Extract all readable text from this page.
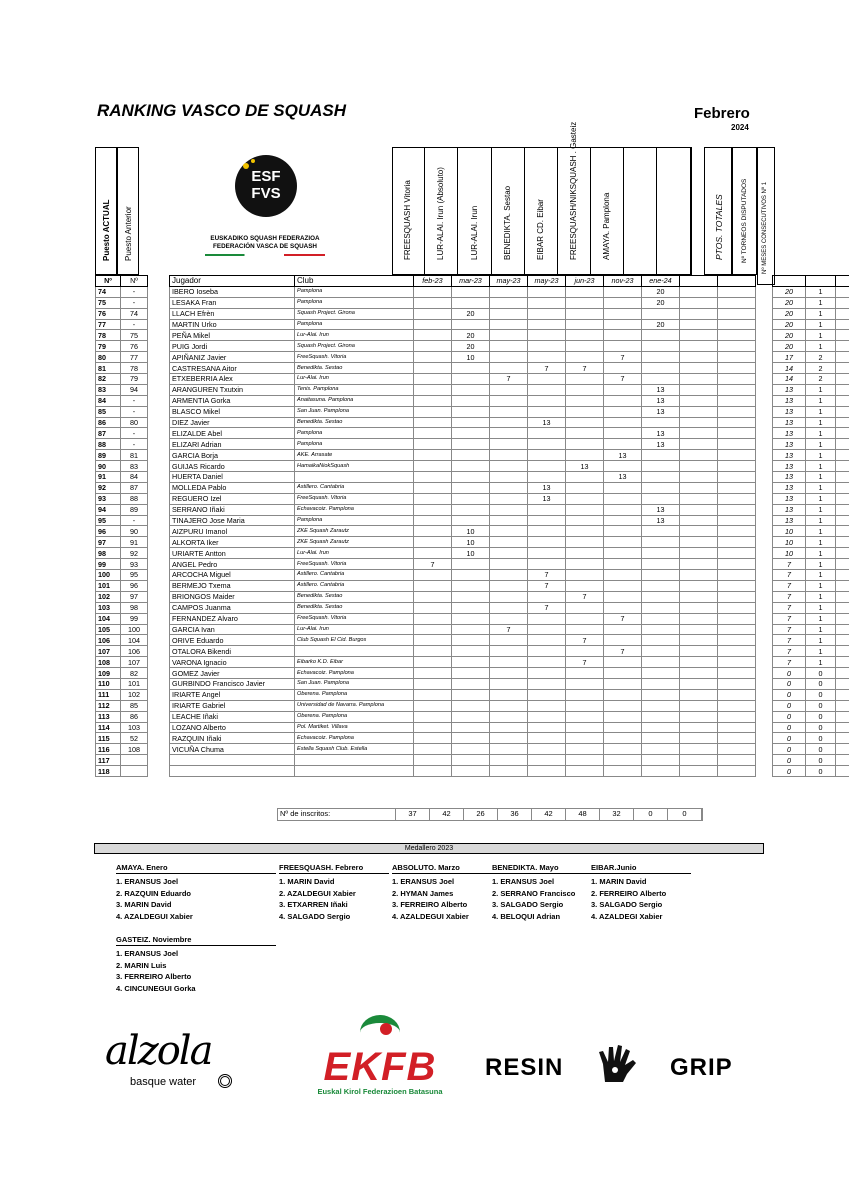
RANKING VASCO DE SQUASH	Febrero
2024
Puesto ACTUAL Puesto Anterior
ESF
FVS
EUSKADIKO SQUASH FEDERAZIOA
FEDERACIÓN VASCA DE SQUASH	FREESQUASH Vitoria	LUR-ALAI. Irun (Absoluto)	LUR-ALAI. Irun	BENEDIKTA. Sestao	EIBAR CD. Eibar	FREESQUASH/NIKSQUASH . Gasteiz	AMAYA. Pamplona	PTOS. TOTALES	Nº TORNEOS DISPUTADOS Nº MESES CONSECUTIVOS Nº 1
Nº	Nº		Jugador	Club	feb-23	mar-23	may-23	may-23	jun-23	nov-23	ene-24						
74	-		IBERO Ioseba	Pamplona							20				20	1	
75	-		LESAKA Fran	Pamplona							20				20	1	
76	74		LLACH Efrèn	Squash Project. Girona		20									20	1	
77	-		MARTIN Urko	Pamplona							20				20	1	
78	75		PEÑA Mikel	Lur-Alai. Irun		20									20	1	
79	76		PUIG Jordi	Squash Project. Girona		20									20	1	
80	77		APIÑANIZ Javier	FreeSquash. Vitoria		10				7					17	2	
81	78		CASTRESANA Aitor	Benedikta. Sestao				7	7						14	2	
82	79		ETXEBERRIA Alex	Lur-Alai. Irun			7			7					14	2	
83	94		ARANGUREN Txutxin	Tenis. Pamplona							13				13	1	
84	-		ARMENTIA Gorka	Anaitasuna. Pamplona							13				13	1	
85	-		BLASCO Mikel	San Juan. Pamplona							13				13	1	
86	80		DIEZ Javier	Benedikta. Sestao				13							13	1	
87	-		ELIZALDE Abel	Pamplona							13				13	1	
88	-		ELIZARI Adrian	Pamplona							13				13	1	
89	81		GARCIA Borja	AKE. Arrasate						13					13	1	
90	83		GUIJAS Ricardo	HamaikaNiokSquash					13						13	1	
91	84		HUERTA Daniel							13					13	1	
92	87		MOLLEDA Pablo	Astillero. Cantabria				13							13	1	
93	88		REGUERO Izel	FreeSquash. Vitoria				13							13	1	
94	89		SERRANO Iñaki	Echavacoiz. Pamplona							13				13	1	
95	-		TINAJERO Jose Maria	Pamplona							13				13	1	
96	90		AIZPURU Imanol	ZKE Squash Zarautz		10									10	1	
97	91		ALKORTA Iker	ZKE Squash Zarautz		10									10	1	
98	92		URIARTE Antton	Lur-Alai. Irun		10									10	1	
99	93		ANGEL Pedro	FreeSquash. Vitoria	7										7	1	
100	95		ARCOCHA Miguel	Astillero. Cantabria				7							7	1	
101	96		BERMEJO Txema	Astillero. Cantabria				7							7	1	
102	97		BRIONGOS Maider	Benedikta. Sestao					7						7	1	
103	98		CAMPOS Juanma	Benedikta. Sestao				7							7	1	
104	99		FERNANDEZ Alvaro	FreeSquash. Vitoria						7					7	1	
105	100		GARCIA Ivan	Lur-Alai. Irun			7								7	1	
106	104		ORIVE Eduardo	Club Squash El Cid. Burgos					7						7	1	
107	106		OTALORA Bikendi							7					7	1	
108	107		VARONA Ignacio	Eibarko K.D. Eibar					7						7	1	
109	82		GOMEZ Javier	Echavacoiz. Pamplona											0	0	
110	101		GURBINDO Francisco Javier	San Juan. Pamplona											0	0	
111	102		IRIARTE Angel	Oberena. Pamplona											0	0	
112	85		IRIARTE Gabriel	Universidad de Navarra. Pamplona											0	0	
113	86		LEACHE Iñaki	Oberena. Pamplona											0	0	
114	103		LOZANO Alberto	Pol. Martiket. Villava											0	0	
115	52		RAZQUIN Iñaki	Echavacoiz. Pamplona											0	0	
116	108		VICUÑA Chuma	Estella Squash Club. Estella											0	0	
117															0	0	
118															0	0	
Nº de inscritos:	37	42	26	36	42	48	32	0	0
Medallero 2023
AMAYA. Enero
1. ERANSUS Joel
2. RAZQUIN Eduardo
3. MARIN David
4. AZALDEGUI Xabier
FREESQUASH. Febrero
1. MARIN David
2. AZALDEGUI Xabier
3. ETXARREN Iñaki
4. SALGADO Sergio
ABSOLUTO. Marzo
1. ERANSUS Joel
2. HYMAN James
3. FERREIRO Alberto
4. AZALDEGUI Xabier
BENEDIKTA. Mayo
1. ERANSUS Joel
2. SERRANO Francisco
3. SALGADO Sergio
4. BELOQUI Adrian
EIBAR.Junio
1. MARIN David
2. FERREIRO Alberto
3. SALGADO Sergio
4. AZALDEGI Xabier
GASTEIZ. Noviembre
1. ERANSUS Joel
2. MARIN Luis
3. FERREIRO Alberto
4. CINCUNEGUI Gorka
alzola
basque water	EKFB
Euskal Kirol Federazioen Batasuna
RESIN	GRIP
